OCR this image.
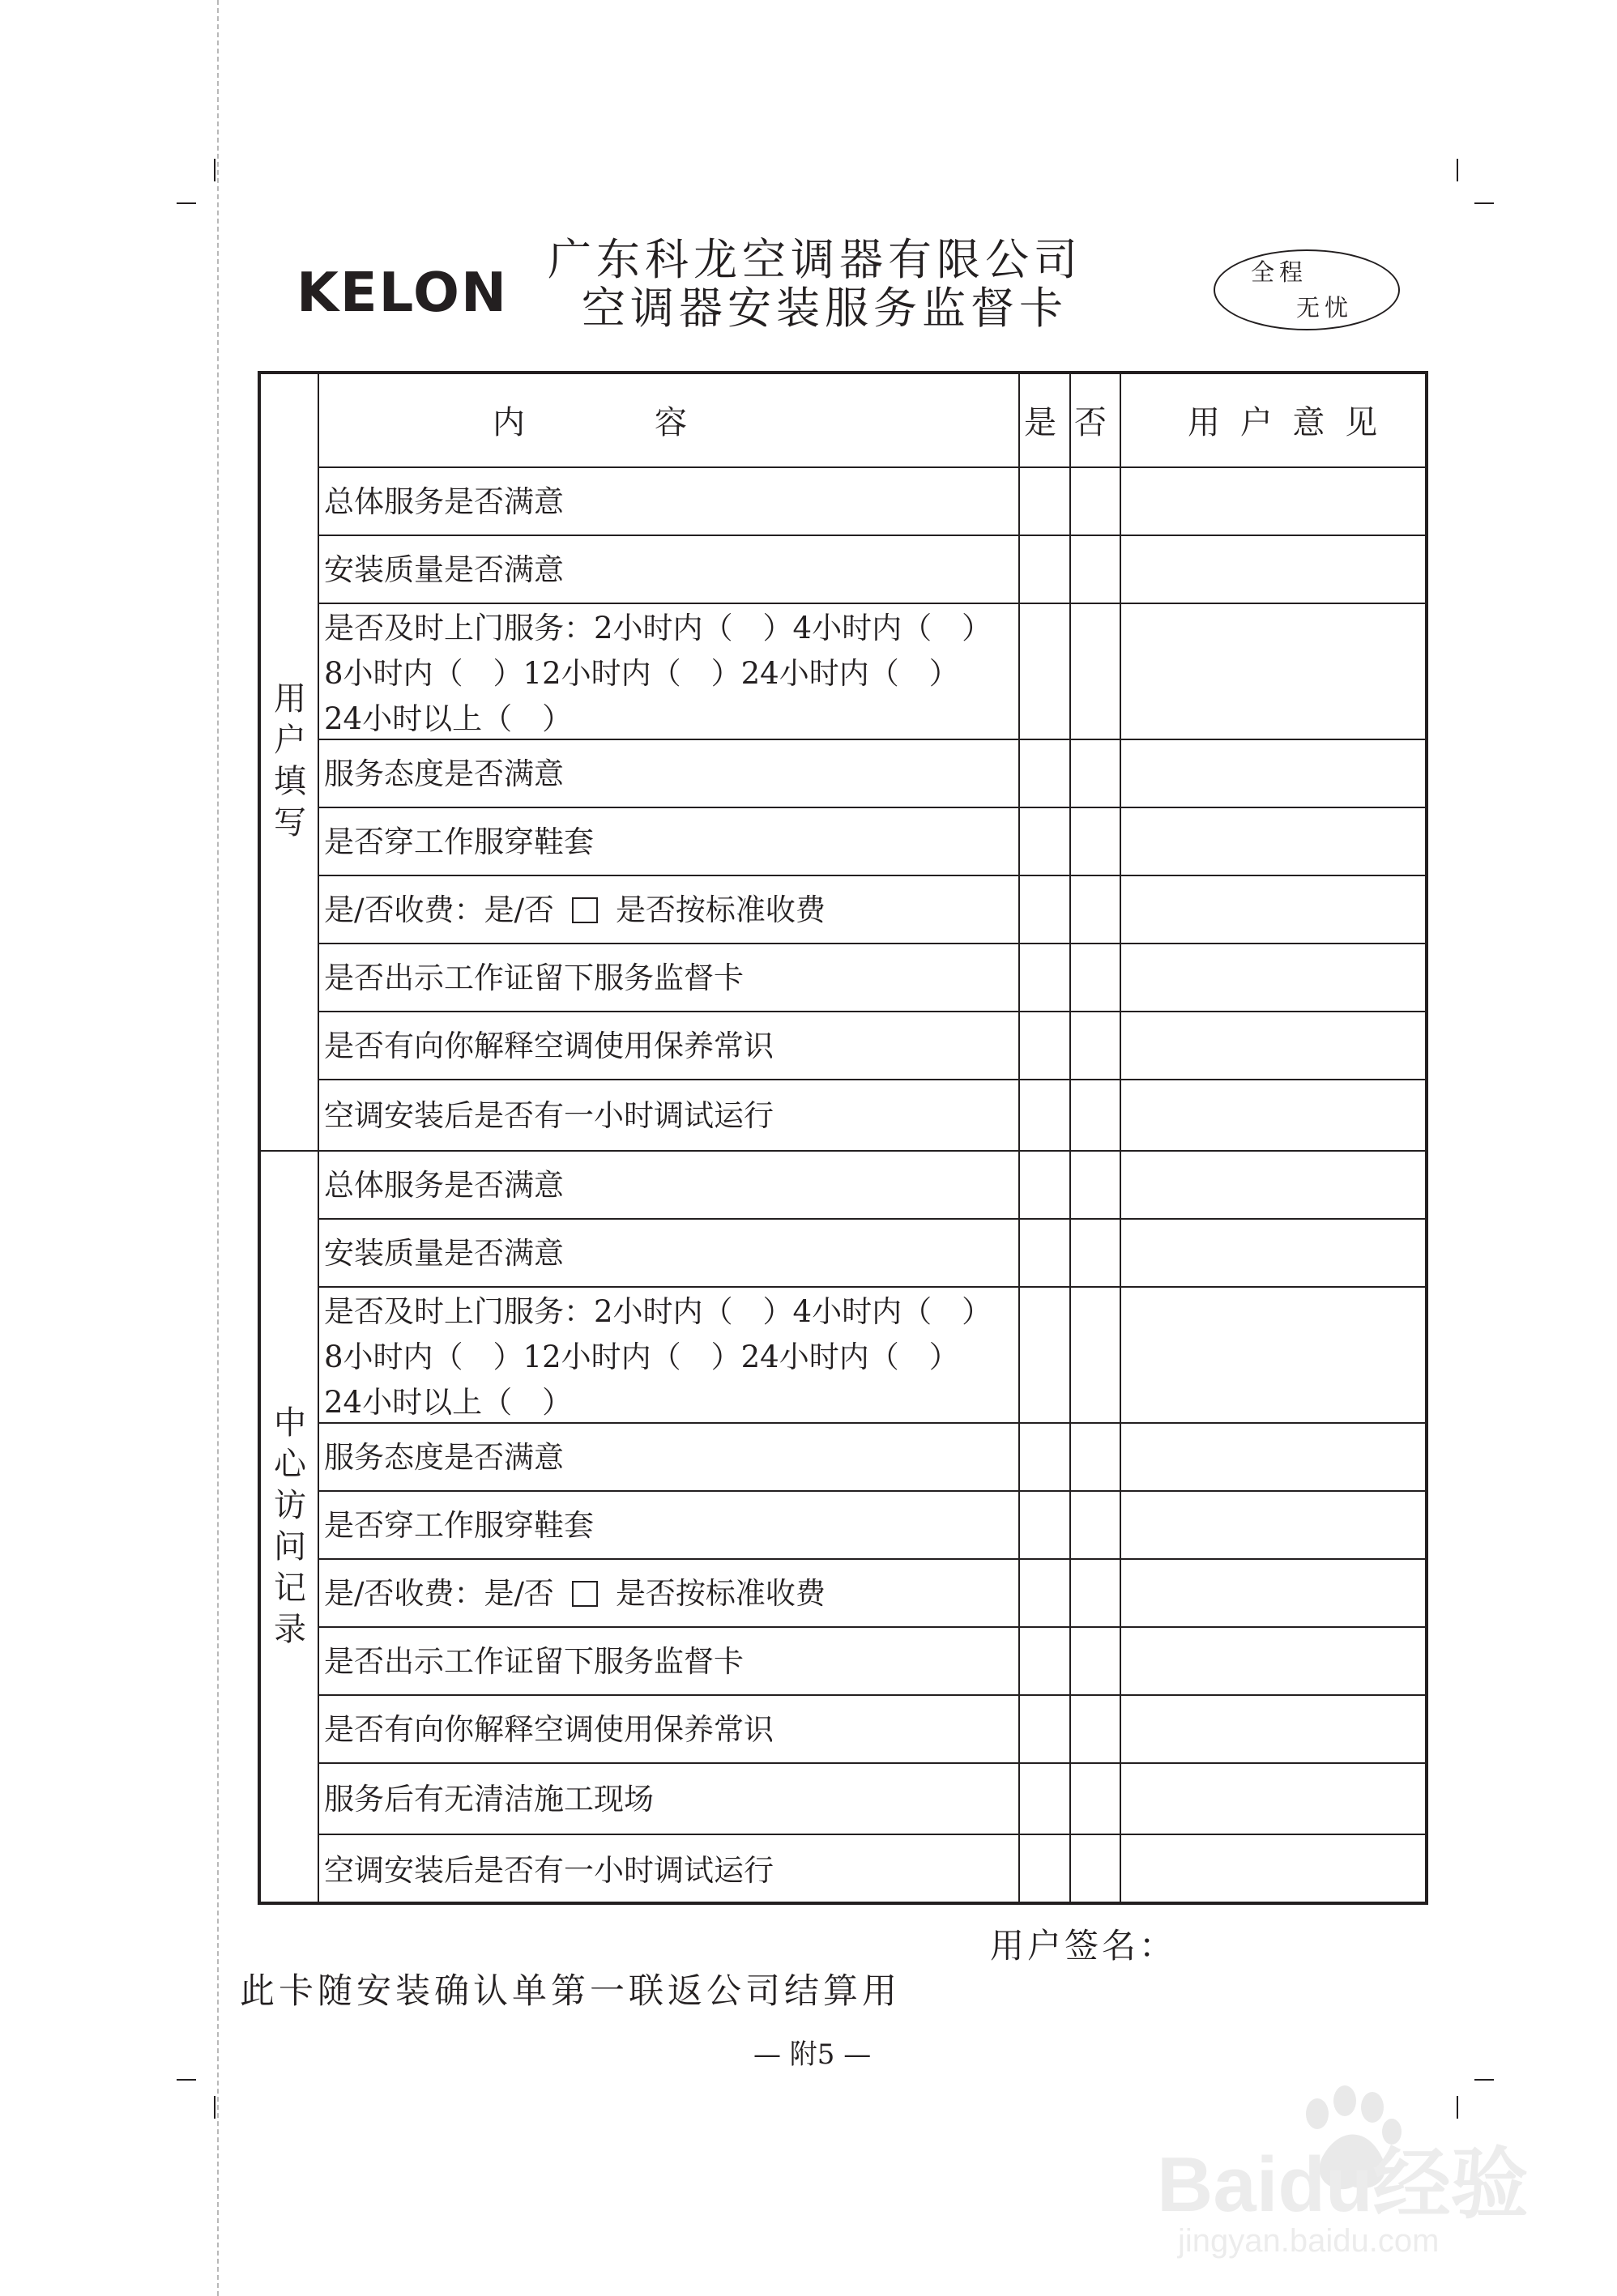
KELON
广东科龙空调器有限公司
空调器安装服务监督卡
全程
无忧
内　　　　容	是 否	用 户 意 见
用
户
填
写
中
心
访
问
记
录
总体服务是否满意
安装质量是否满意
是否及时上门服务：2小时内（　）4小时内（　）
8小时内（　）12小时内（　）24小时内（　）
24小时以上（　）
服务态度是否满意
是否穿工作服穿鞋套
是/否收费：是/否 是否按标准收费
是否出示工作证留下服务监督卡
是否有向你解释空调使用保养常识
空调安装后是否有一小时调试运行
总体服务是否满意
安装质量是否满意
是否及时上门服务：2小时内（　）4小时内（　）
8小时内（　）12小时内（　）24小时内（　）
24小时以上（　）
服务态度是否满意
是否穿工作服穿鞋套
是/否收费：是/否 是否按标准收费
是否出示工作证留下服务监督卡
是否有向你解释空调使用保养常识
服务后有无清洁施工现场
空调安装后是否有一小时调试运行
用户签名：
此卡随安装确认单第一联返公司结算用
— 附5 —
Baidu经验
jingyan.baidu.com
